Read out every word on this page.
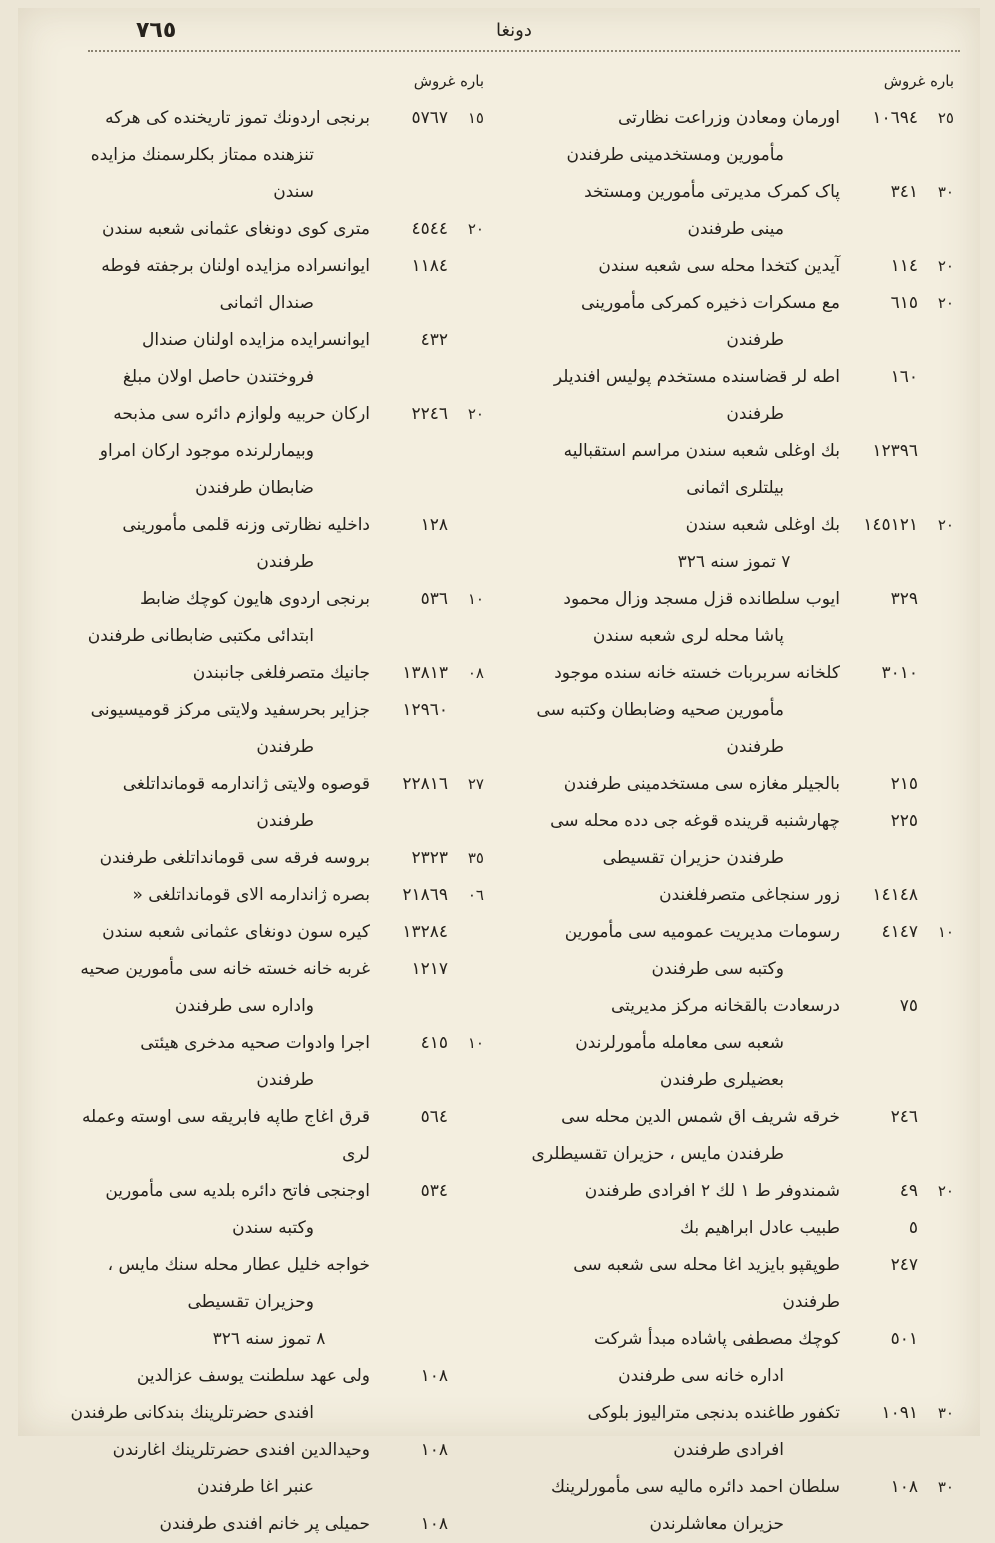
٧٦٥	دونغا
باره غروش
٢٥
١٠٦٩٤
اورمان ومعادن وزراعت نظارتی
مأمورین ومستخدمینی طرفندن
٣٠
٣٤١
پاک کمرک مدیرتی مأمورین ومستخد
مینی طرفندن
٢٠
١١٤
آیدین کتخدا محله سی شعبه سندن
٢٠
٦١٥
مع مسکرات ذخیره کمرکی مأمورینی
طرفندن
١٦٠
اطه لر قضاسنده مستخدم پولیس افندیلر
طرفندن
١٢٣٩٦
بك اوغلی شعبه سندن مراسم استقباليه
بیلتلری اثمانی
٢٠
١٤٥١٢١
بك اوغلی شعبه سندن
٧ تموز سنه ٣٢٦
٣٢٩
ایوب سلطانده قزل مسجد وزال محمود
پاشا محله لری شعبه سندن
٣٠١٠
کلخانه سربربات خسته خانه سنده موجود
مأمورین صحیه وضابطان وکتبه سی طرفندن
٢١٥
بالجیلر مغازه سی مستخدمینی طرفندن
٢٢٥
چهارشنبه قرینده قوغه جی دده محله سی
طرفندن حزیران تقسیطی
١٤١٤٨
زور سنجاغی متصرفلغندن
١٠
٤١٤٧
رسومات مدیریت عمومیه سی مأمورین
وکتبه سی طرفندن
٧٥
درسعادت بالقخانه مرکز مدیریتی
شعبه سی معامله مأمورلرندن بعضیلری طرفندن
٢٤٦
خرقه شریف اق شمس الدین محله سی
طرفندن مایس ، حزیران تقسیطلری
٢٠
٤٩
شمندوفر ط ١ لك ٢ افرادی طرفندن
٥
طبیب عادل ابراهیم بك
٢٤٧
طوپقپو بایزید اغا محله سی شعبه سی طرفندن
٥٠١
کوچك مصطفی پاشاده مبدأ شرکت
اداره خانه سی طرفندن
٣٠
١٠٩١
تکفور طاغنده بدنجی متراليوز بلوکی
افرادی طرفندن
٣٠
١٠٨
سلطان احمد دائره مالیه سی مأمورلرینك
حزیران معاشلرندن
باره غروش
١٥
٥٧٦٧
برنجی اردونك تموز تاریخنده کی هرکه
تنزهنده ممتاز بکلرسمنك مزایده سندن
٢٠
٤٥٤٤
متری کوی دونغای عثمانی شعبه سندن
١١٨٤
ایوانسراده مزایده اولنان برجفته فوطه
صندال اثمانی
٤٣٢
ایوانسرایده مزایده اولنان صندال
فروختندن حاصل اولان مبلغ
٢٠
٢٢٤٦
ارکان حربیه ولوازم دائره سی مذبحه
وبیمارلرنده موجود ارکان امراو ضابطان طرفندن
١٢٨
داخلیه نظارتی وزنه قلمی مأمورینی
طرفندن
١٠
٥٣٦
برنجی اردوی هایون کوچك ضابط
ابتدائی مکتبی ضابطانی طرفندن
٠٨
١٣٨١٣
جانیك متصرفلغی جانبندن
١٢٩٦٠
جزایر بحرسفید ولایتی مرکز قومیسیونی
طرفندن
٢٧
٢٢٨١٦
قوصوه ولایتی ژاندارمه قومانداتلغی
طرفندن
٣٥
٢٣٢٣
بروسه فرقه سی قومانداتلغی طرفندن
٠٦
٢١٨٦٩
بصره ژاندارمه الای قومانداتلغی «
١٣٢٨٤
کیره سون دونغای عثمانی شعبه سندن
١٢١٧
غربه خانه خسته خانه سی مأمورین صحیه
واداره سی طرفندن
١٠
٤١٥
اجرا وادوات صحیه مدخری هیئتی
طرفندن
٥٦٤
قرق اغاج طاپه فابریقه سی اوسته وعمله لری
٥٣٤
اوجنجی فاتح دائره بلدیه سی مأمورین
وکتبه سندن
خواجه خلیل عطار محله سنك مایس ،
وحزیران تقسیطی
٨ تموز سنه ٣٢٦
١٠٨
ولی عهد سلطنت یوسف عزالدین
افندی حضرتلرینك بندکانی طرفندن
١٠٨
وحیدالدین افندی حضرتلرینك اغارندن
عنبر اغا طرفندن
١٠٨
حمیلی پر خانم افندی طرفندن
